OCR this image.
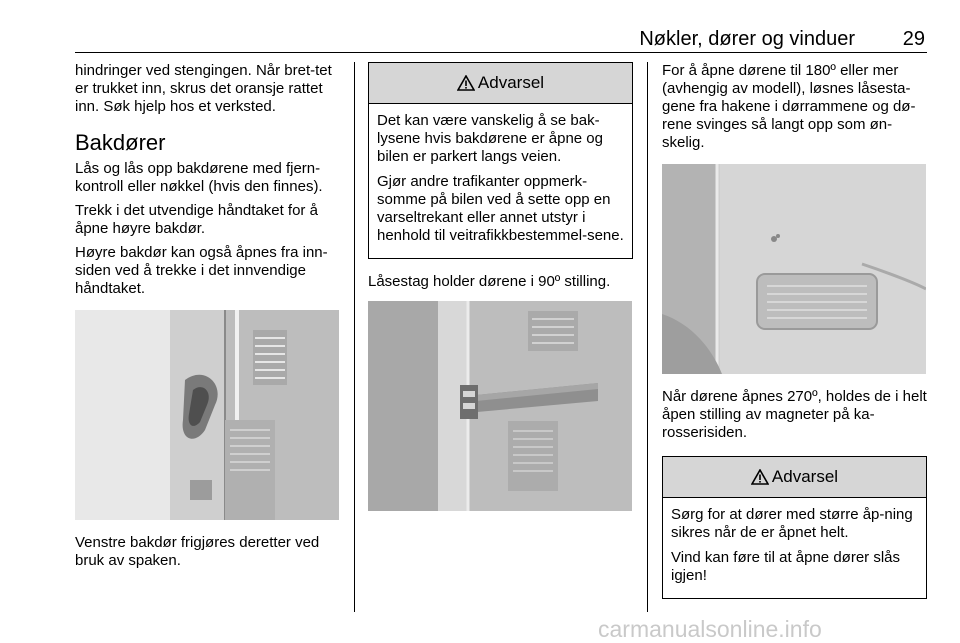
Nøkler, dører og vinduer 29

hindringer ved stengingen. Når bret-tet er trukket inn, skrus det oransje rattet inn. Søk hjelp hos et verksted.

Bakdører

Lås og lås opp bakdørene med fjern-kontroll eller nøkkel (hvis den finnes).

Trekk i det utvendige håndtaket for å åpne høyre bakdør.

Høyre bakdør kan også åpnes fra inn-siden ved å trekke i det innvendige håndtaket.

Venstre bakdør frigjøres deretter ved bruk av spaken.

Advarsel

Det kan være vanskelig å se bak-lysene hvis bakdørene er åpne og bilen er parkert langs veien.

Gjør andre trafikanter oppmerk-somme på bilen ved å sette opp en varseltrekant eller annet utstyr i henhold til veitrafikkbestemmel-sene.

Låsestag holder dørene i 90º stilling.

For å åpne dørene til 180º eller mer (avhengig av modell), løsnes låsesta-gene fra hakene i dørrammene og dø-rene svinges så langt opp som øn-skelig.

Når dørene åpnes 270º, holdes de i helt åpen stilling av magneter på ka-rosserisiden.

Advarsel

Sørg for at dører med større åp-ning sikres når de er åpnet helt.

Vind kan føre til at åpne dører slås igjen!

carmanualsonline.info
